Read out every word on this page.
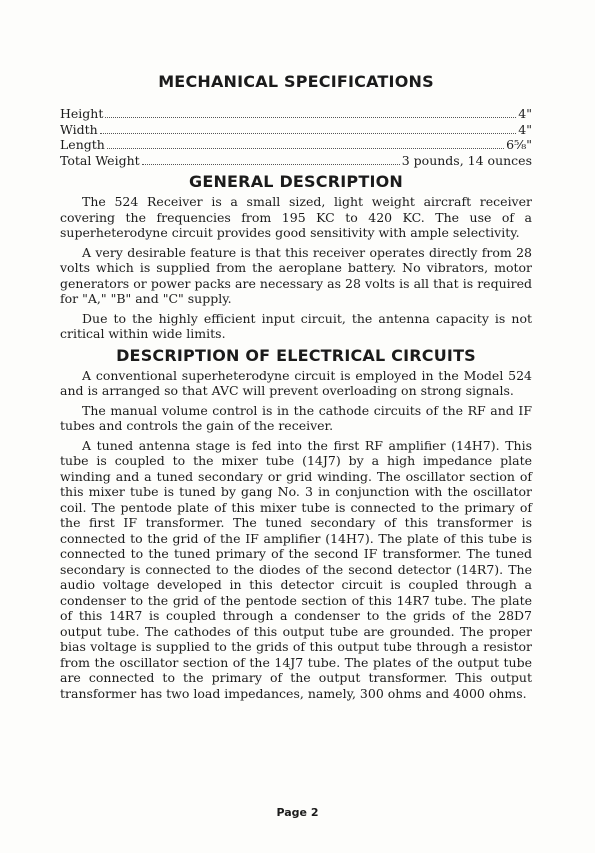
MECHANICAL SPECIFICATIONS
Height	4"
Width	4"
Length	6⅝"
Total Weight	3 pounds, 14 ounces
GENERAL DESCRIPTION

The 524 Receiver is a small sized, light weight aircraft receiver covering the frequencies from 195 KC to 420 KC. The use of a superheterodyne circuit provides good sensitivity with ample selectivity.

A very desirable feature is that this receiver operates directly from 28 volts which is supplied from the aeroplane battery. No vibrators, motor generators or power packs are necessary as 28 volts is all that is required for "A," "B" and "C" supply.

Due to the highly efficient input circuit, the antenna capacity is not critical within wide limits.

DESCRIPTION OF ELECTRICAL CIRCUITS

A conventional superheterodyne circuit is employed in the Model 524 and is arranged so that AVC will prevent overloading on strong signals.

The manual volume control is in the cathode circuits of the RF and IF tubes and controls the gain of the receiver.

A tuned antenna stage is fed into the first RF amplifier (14H7). This tube is coupled to the mixer tube (14J7) by a high impedance plate winding and a tuned secondary or grid winding. The oscillator section of this mixer tube is tuned by gang No. 3 in conjunction with the oscillator coil. The pentode plate of this mixer tube is connected to the primary of the first IF transformer. The tuned secondary of this transformer is connected to the grid of the IF amplifier (14H7). The plate of this tube is connected to the tuned primary of the second IF transformer. The tuned secondary is connected to the diodes of the second detector (14R7). The audio voltage developed in this detector circuit is coupled through a condenser to the grid of the pentode section of this 14R7 tube. The plate of this 14R7 is coupled through a condenser to the grids of the 28D7 output tube. The cathodes of this output tube are grounded. The proper bias voltage is supplied to the grids of this output tube through a resistor from the oscillator section of the 14J7 tube. The plates of the output tube are connected to the primary of the output transformer. This output transformer has two load impedances, namely, 300 ohms and 4000 ohms.

Page 2
